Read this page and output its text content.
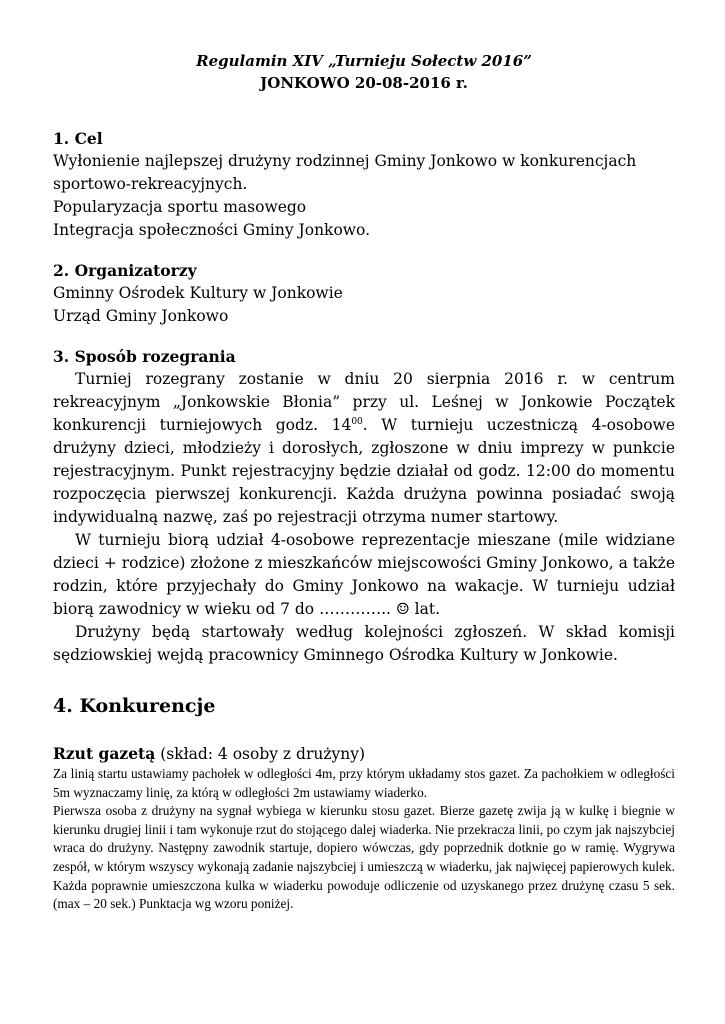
Regulamin XIV „Turnieju Sołectw 2016”
JONKOWO 20-08-2016 r.
1. Cel
Wyłonienie najlepszej drużyny rodzinnej Gminy Jonkowo w konkurencjach
sportowo-rekreacyjnych.
Popularyzacja sportu masowego
Integracja społeczności Gminy Jonkowo.
2. Organizatorzy
Gminny Ośrodek Kultury w Jonkowie
Urząd Gminy Jonkowo
3. Sposób rozegrania
Turniej rozegrany zostanie w dniu 20 sierpnia 2016 r. w centrum rekreacyjnym „Jonkowskie Błonia” przy ul. Leśnej w Jonkowie Początek konkurencji turniejowych godz. $14^{00}$. W turnieju uczestniczą 4-osobowe drużyny dzieci, młodzieży i dorosłych, zgłoszone w dniu imprezy w punkcie rejestracyjnym. Punkt rejestracyjny będzie działał od godz. 12:00 do momentu rozpoczęcia pierwszej konkurencji. Każda drużyna powinna posiadać swoją indywidualną nazwę, zaś po rejestracji otrzyma numer startowy.
W turnieju biorą udział 4-osobowe reprezentacje mieszane (mile widziane dzieci + rodzice) złożone z mieszkańców miejscowości Gminy Jonkowo, a także rodzin, które przyjechały do Gminy Jonkowo na wakacje. W turnieju udział biorą zawodnicy w wieku od 7 do ………….. ☺ lat.
Drużyny będą startowały według kolejności zgłoszeń. W skład komisji sędziowskiej wejdą pracownicy Gminnego Ośrodka Kultury w Jonkowie.
4. Konkurencje
Rzut gazetą (skład: 4 osoby z drużyny)
Za linią startu ustawiamy pachołek w odległości 4m, przy którym układamy stos gazet. Za pachołkiem w odległości 5m wyznaczamy linię, za którą w odległości 2m ustawiamy wiaderko.
Pierwsza osoba z drużyny na sygnał wybiega w kierunku stosu gazet. Bierze gazetę zwija ją w kulkę i biegnie w kierunku drugiej linii i tam wykonuje rzut do stojącego dalej wiaderka. Nie przekracza linii, po czym jak najszybciej wraca do drużyny. Następny zawodnik startuje, dopiero wówczas, gdy poprzednik dotknie go w ramię. Wygrywa zespół, w którym wszyscy wykonają zadanie najszybciej i umieszczą w wiaderku, jak najwięcej papierowych kulek. Każda poprawnie umieszczona kulka w wiaderku powoduje odliczenie od uzyskanego przez drużynę czasu 5 sek. (max – 20 sek.) Punktacja wg wzoru poniżej.
